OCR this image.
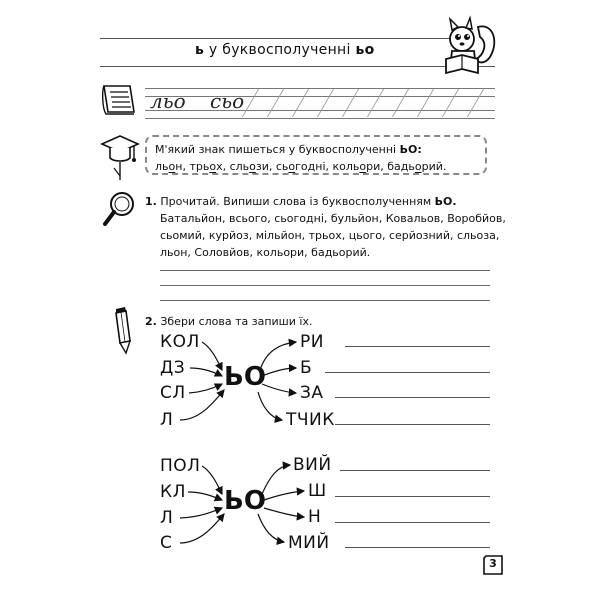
ь у буквосполученні ьо
льо сьо
М'який знак пишеться у буквосполученні ЬО:
льон, трьох, сльози, сьогодні, кольори, бадьорий.
1. Прочитай. Випиши слова із буквосполученням ЬО.
Батальйон, всього, сьогодні, бульйон, Ковальов, Воробйов,
сьомий, курйоз, мільйон, трьох, цього, серйозний, сльоза,
льон, Соловйов, кольори, бадьорий.
2. Збери слова та запиши їх.
КОЛ
ДЗ
СЛ
Л
ЬО
РИ
Б
ЗА
ТЧИК
ПОЛ
КЛ
Л
С
ЬО
ВИЙ
Ш
Н
МИЙ
3
